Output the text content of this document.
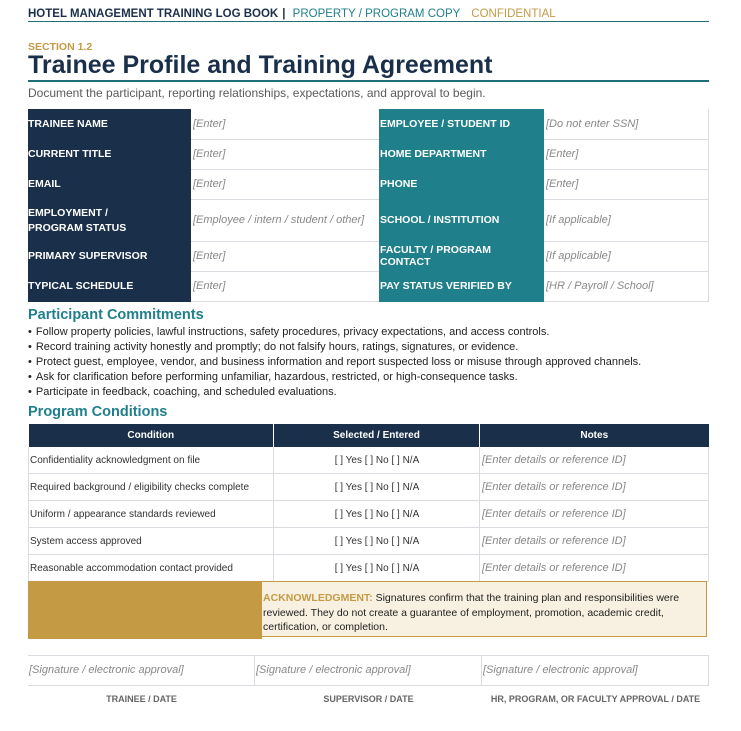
HOTEL MANAGEMENT TRAINING LOG BOOK | PROPERTY / PROGRAM COPY CONFIDENTIAL
SECTION 1.2
Trainee Profile and Training Agreement
Document the participant, reporting relationships, expectations, and approval to begin.
TRAINEE NAME	[Enter]	EMPLOYEE / STUDENT ID	[Do not enter SSN]
CURRENT TITLE	[Enter]	HOME DEPARTMENT	[Enter]
EMAIL	[Enter]	PHONE	[Enter]

EMPLOYMENT /
PROGRAM STATUS	[Employee / intern / student / other]	SCHOOL / INSTITUTION	[If applicable]
PRIMARY SUPERVISOR	[Enter]	FACULTY / PROGRAM CONTACT	[If applicable]
TYPICAL SCHEDULE	[Enter]	PAY STATUS VERIFIED BY	[HR / Payroll / School]
Participant Commitments
• Follow property policies, lawful instructions, safety procedures, privacy expectations, and access controls.
• Record training activity honestly and promptly; do not falsify hours, ratings, signatures, or evidence.
• Protect guest, employee, vendor, and business information and report suspected loss or misuse through approved channels.
• Ask for clarification before performing unfamiliar, hazardous, restricted, or high-consequence tasks.
• Participate in feedback, coaching, and scheduled evaluations.
Program Conditions
Condition	Selected / Entered	Notes
Confidentiality acknowledgment on file	[ ] Yes [ ] No [ ] N/A	[Enter details or reference ID]
Required background / eligibility checks complete	[ ] Yes [ ] No [ ] N/A	[Enter details or reference ID]
Uniform / appearance standards reviewed	[ ] Yes [ ] No [ ] N/A	[Enter details or reference ID]
System access approved	[ ] Yes [ ] No [ ] N/A	[Enter details or reference ID]
Reasonable accommodation contact provided	[ ] Yes [ ] No [ ] N/A	[Enter details or reference ID]
ACKNOWLEDGMENT: Signatures confirm that the training plan and responsibilities were reviewed. They do not create a guarantee of employment, promotion, academic credit, certification, or completion.
[Signature / electronic approval]	[Signature / electronic approval]	[Signature / electronic approval]
TRAINEE / DATE	SUPERVISOR / DATE	HR, PROGRAM, OR FACULTY APPROVAL / DATE
